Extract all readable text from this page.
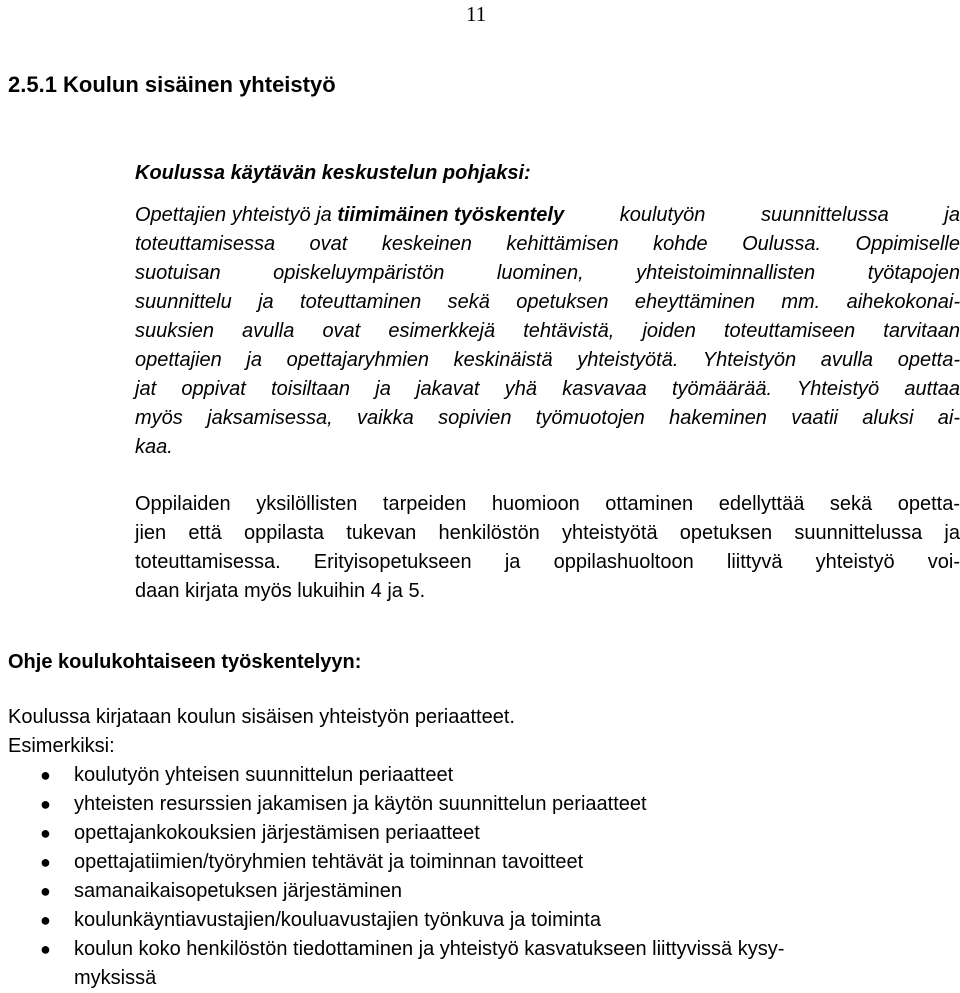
11
2.5.1 Koulun sisäinen yhteistyö
Koulussa käytävän keskustelun pohjaksi:
Opettajien yhteistyö ja tiimimäinen työskentely koulutyön suunnittelussa ja
toteuttamisessa ovat keskeinen kehittämisen kohde Oulussa. Oppimiselle
suotuisan opiskeluympäristön luominen, yhteistoiminnallisten työtapojen
suunnittelu ja toteuttaminen sekä opetuksen eheyttäminen mm. aihekokonai-
suuksien avulla ovat esimerkkejä tehtävistä, joiden toteuttamiseen tarvitaan
opettajien ja opettajaryhmien keskinäistä yhteistyötä. Yhteistyön avulla opetta-
jat oppivat toisiltaan ja jakavat yhä kasvavaa työmäärää. Yhteistyö auttaa
myös jaksamisessa, vaikka sopivien työmuotojen hakeminen vaatii aluksi ai-
kaa.
Oppilaiden yksilöllisten tarpeiden huomioon ottaminen edellyttää sekä opetta-
jien että oppilasta tukevan henkilöstön yhteistyötä opetuksen suunnittelussa ja
toteuttamisessa. Erityisopetukseen ja oppilashuoltoon liittyvä yhteistyö voi-
daan kirjata myös lukuihin 4 ja 5.
Ohje koulukohtaiseen työskentelyyn:
Koulussa kirjataan koulun sisäisen yhteistyön periaatteet.
Esimerkiksi:
● koulutyön yhteisen suunnittelun periaatteet
● yhteisten resurssien jakamisen ja käytön suunnittelun periaatteet
● opettajankokouksien järjestämisen periaatteet
● opettajatiimien/työryhmien tehtävät ja toiminnan tavoitteet
● samanaikaisopetuksen järjestäminen
● koulunkäyntiavustajien/kouluavustajien työnkuva ja toiminta
● koulun koko henkilöstön tiedottaminen ja yhteistyö kasvatukseen liittyvissä kysy-
myksissä
